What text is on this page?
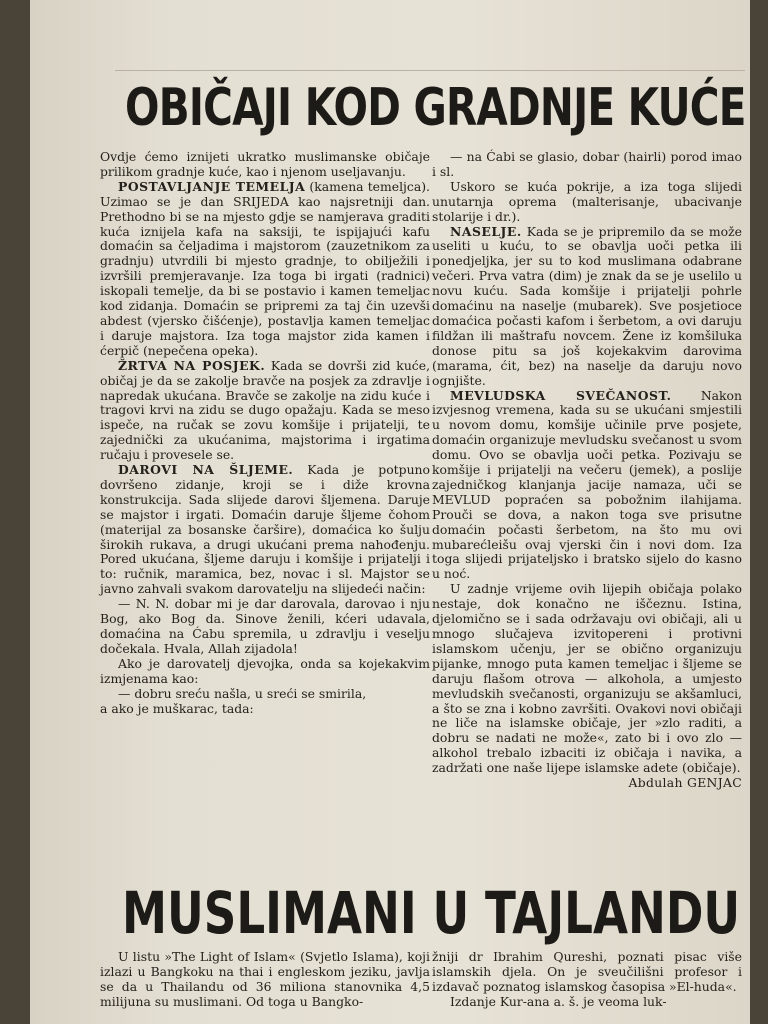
OBIČAJI KOD GRADNJE KUĆE

Ovdje ćemo iznijeti ukratko muslimanske običaje prilikom gradnje kuće, kao i njenom useljavanju.

POSTAVLJANJE TEMELJA (kamena temeljca). Uzimao se je dan SRIJEDA kao najsretniji dan. Prethodno bi se na mjesto gdje se namjerava graditi kuća iznijela kafa na saksiji, te ispijajući kafu domaćin sa čeljadima i majstorom (zauzetnikom za gradnju) utvrdili bi mjesto gradnje, to obilježili i izvršili premjeravanje. Iza toga bi irgati (radnici) iskopali temelje, da bi se postavio i kamen temeljac kod zidanja. Domaćin se pripremi za taj čin uzevši abdest (vjersko čišćenje), postavlja kamen temeljac i daruje majstora. Iza toga majstor zida kamen i ćerpič (nepečena opeka).

ŽRTVA NA POSJEK. Kada se dovrši zid kuće, običaj je da se zakolje bravče na posjek za zdravlje i napredak ukućana. Bravče se zakolje na zidu kuće i tragovi krvi na zidu se dugo opažaju. Kada se meso ispeče, na ručak se zovu komšije i prijatelji, te zajednički za ukućanima, majstorima i irgatima ručaju i provesele se.

DAROVI NA ŠLJEME. Kada je potpuno dovršeno zidanje, kroji se i diže krovna konstrukcija. Sada slijede darovi šljemena. Daruje se majstor i irgati. Domaćin daruje šljeme čohom (materijal za bosanske čaršire), domaćica ko šulju širokih rukava, a drugi ukućani prema nahođenju. Pored ukućana, šljeme daruju i komšije i prijatelji i to: ručnik, maramica, bez, novac i sl. Majstor se javno zahvali svakom darovatelju na slijedeći način:

— N. N. dobar mi je dar darovala, darovao i nju Bog, ako Bog da. Sinove ženili, kćeri udavala, domaćina na Ćabu spremila, u zdravlju i veselju dočekala. Hvala, Allah zijadola!

Ako je darovatelj djevojka, onda sa kojekakvim izmjenama kao:

— dobru sreću našla, u sreći se smirila,

a ako je muškarac, tada:

— na Ćabi se glasio, dobar (hairli) porod imao i sl.

Uskoro se kuća pokrije, a iza toga slijedi unutarnja oprema (malterisanje, ubacivanje stolarije i dr.).

NASELJE. Kada se je pripremilo da se može useliti u kuću, to se obavlja uoči petka ili ponedjeljka, jer su to kod muslimana odabrane večeri. Prva vatra (dim) je znak da se je uselilo u novu kuću. Sada komšije i prijatelji pohrle domaćinu na naselje (mubarek). Sve posjetioce domaćica počasti kafom i šerbetom, a ovi daruju fildžan ili maštrafu novcem. Žene iz komšiluka donose pitu sa još kojekakvim darovima (marama, ćit, bez) na naselje da daruju novo ognjište.

MEVLUDSKA SVEČANOST. Nakon izvjesnog vremena, kada su se ukućani smjestili u novom domu, komšije učinile prve posjete, domaćin organizuje mevludsku svečanost u svom domu. Ovo se obavlja uoči petka. Pozivaju se komšije i prijatelji na večeru (jemek), a poslije zajedničkog klanjanja jacije namaza, uči se MEVLUD popraćen sa pobožnim ilahijama. Prouči se dova, a nakon toga sve prisutne domaćin počasti šerbetom, na što mu ovi mubarećleišu ovaj vjerski čin i novi dom. Iza toga slijedi prijateljsko i bratsko sijelo do kasno u noć.

U zadnje vrijeme ovih lijepih običaja polako nestaje, dok konačno ne iščeznu. Istina, djelomično se i sada održavaju ovi običaji, ali u mnogo slučajeva izvitopereni i protivni islamskom učenju, jer se obično organizuju pijanke, mnogo puta kamen temeljac i šljeme se daruju flašom otrova — alkohola, a umjesto mevludskih svečanosti, organizuju se akšamluci, a što se zna i kobno završiti. Ovakovi novi običaji ne liče na islamske običaje, jer »zlo raditi, a dobru se nadati ne može«, zato bi i ovo zlo — alkohol trebalo izbaciti iz običaja i navika, a zadržati one naše lijepe islamske adete (običaje).

Abdulah GENJAC

MUSLIMANI U TAJLANDU

U listu »The Light of Islam« (Svjetlo Islama), koji izlazi u Bangkoku na thai i engleskom jeziku, javlja se da u Thailandu od 36 miliona stanovnika 4,5 miliјuna su muslimani. Od toga u Bangko-

žniji dr Ibrahim Qureshi, poznati pisac više islamskih djela. On je sveučilišni profesor i izdavač poznatog islamskog časopisa »El-huda«.

Izdanje Kur-ana a. š. je veoma luk-
